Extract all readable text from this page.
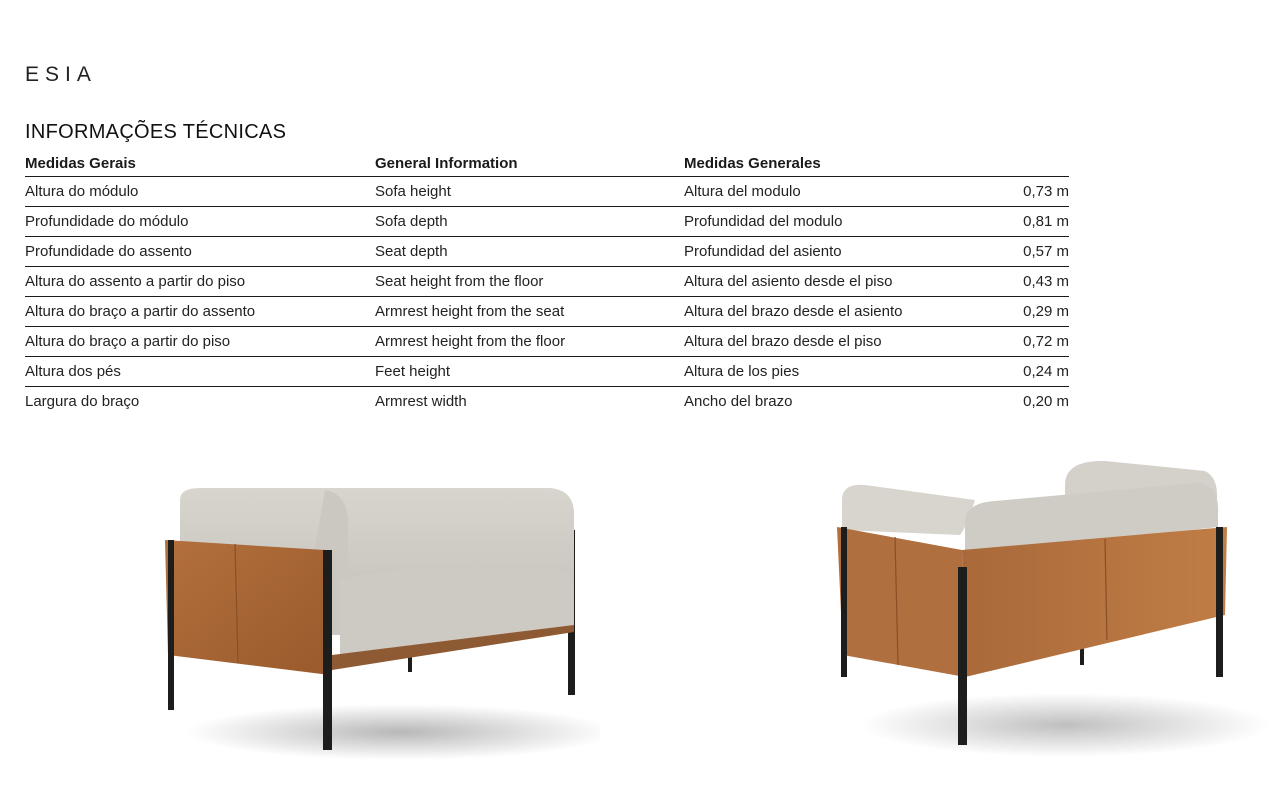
ESIA
INFORMAÇÕES TÉCNICAS
Medidas Gerais	General Information	Medidas Generales	
Altura do módulo	Sofa height	Altura del modulo	0,73 m
Profundidade do módulo	Sofa depth	Profundidad del modulo	0,81 m
Profundidade do assento	Seat depth	Profundidad del asiento	0,57 m
Altura do assento a partir do piso	Seat height from the floor	Altura del asiento desde el piso	0,43 m
Altura do braço a partir do assento	Armrest height from the seat	Altura del brazo desde el asiento	0,29 m
Altura do braço a partir do piso	Armrest height from the floor	Altura del brazo desde el piso	0,72 m
Altura dos pés	Feet height	Altura de los pies	0,24 m
Largura do braço	Armrest width	Ancho del brazo	0,20 m
